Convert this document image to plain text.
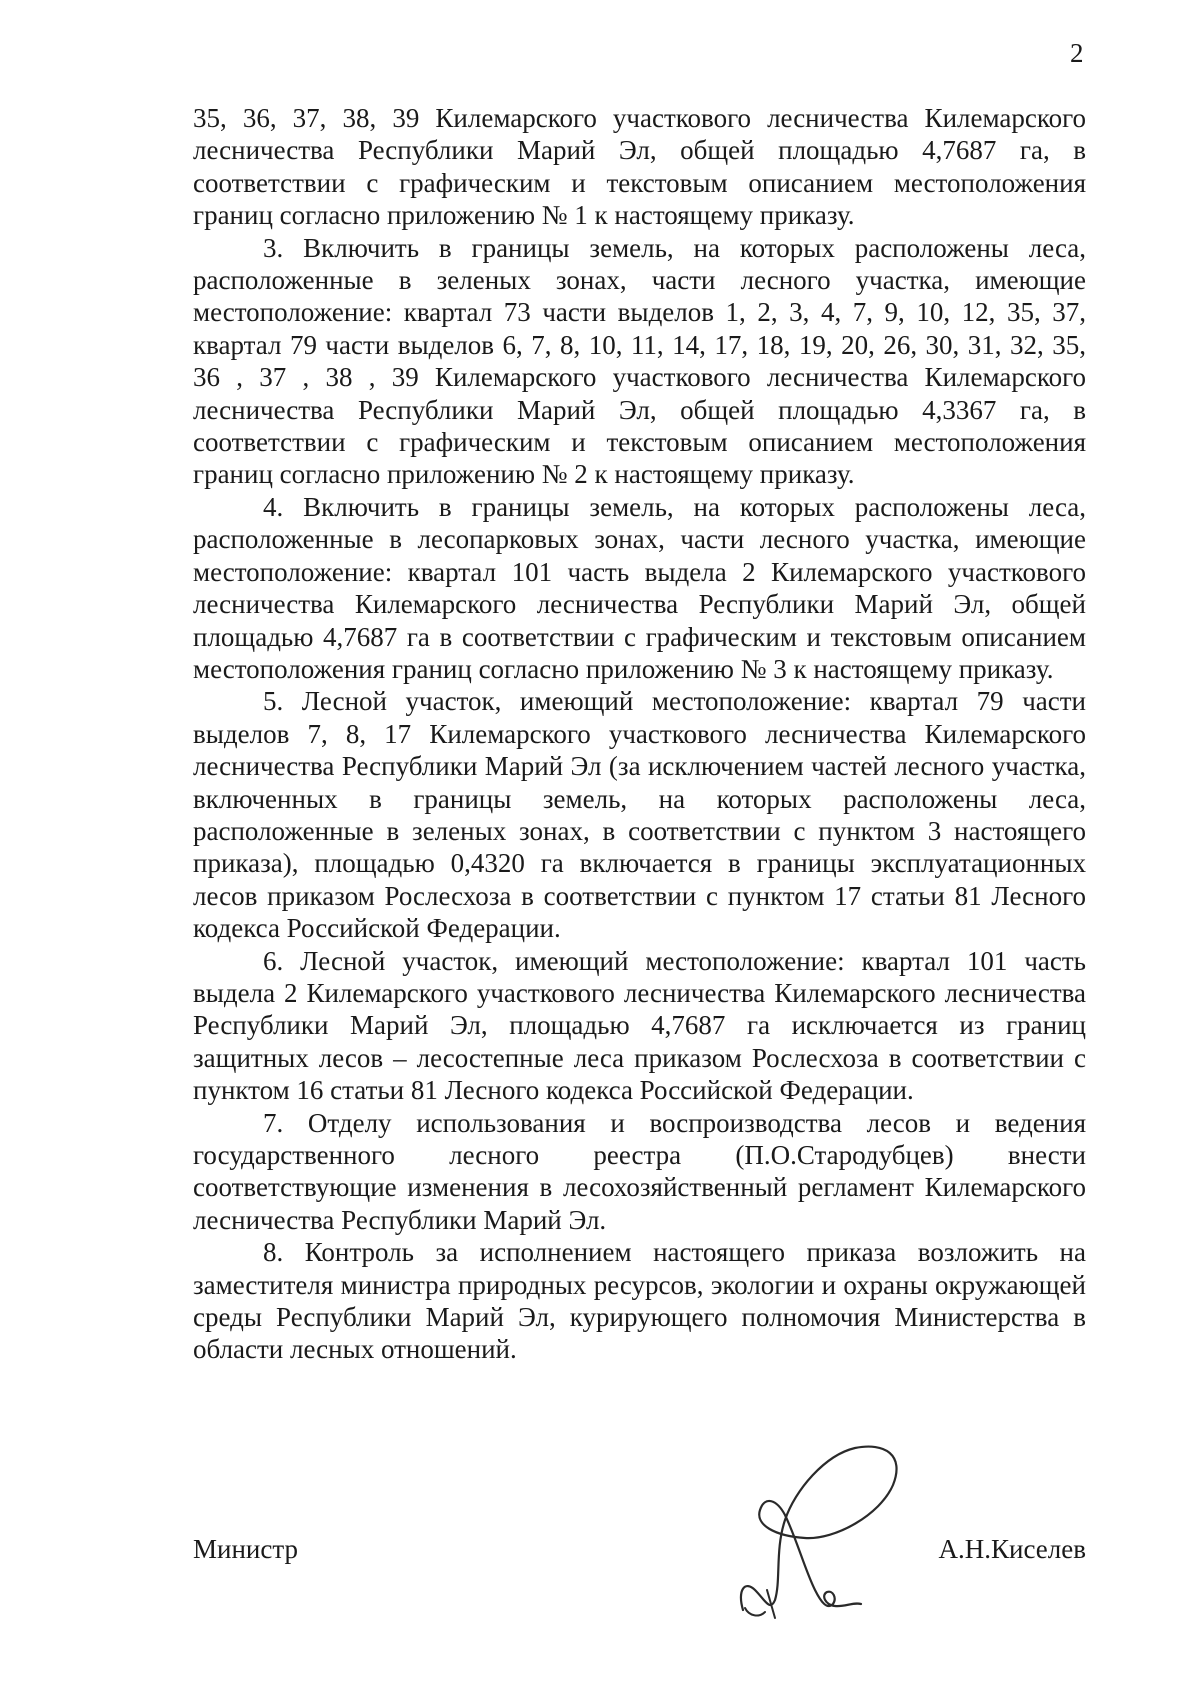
2

35, 36, 37, 38, 39 Килемарского участкового лесничества Килемарского лесничества Республики Марий Эл, общей площадью 4,7687 га, в соответствии с графическим и текстовым описанием местоположения границ согласно приложению № 1 к настоящему приказу.

3. Включить в границы земель, на которых расположены леса, расположенные в зеленых зонах, части лесного участка, имеющие местоположение: квартал 73 части выделов 1, 2, 3, 4, 7, 9, 10, 12, 35, 37, квартал 79 части выделов 6, 7, 8, 10, 11, 14, 17, 18, 19, 20, 26, 30, 31, 32, 35, 36 , 37 , 38 , 39 Килемарского участкового лесничества Килемарского лесничества Республики Марий Эл, общей площадью 4,3367 га, в соответствии с графическим и текстовым описанием местоположения границ согласно приложению № 2 к настоящему приказу.

4. Включить в границы земель, на которых расположены леса, расположенные в лесопарковых зонах, части лесного участка, имеющие местоположение: квартал 101 часть выдела 2 Килемарского участкового лесничества Килемарского лесничества Республики Марий Эл, общей площадью 4,7687 га в соответствии с графическим и текстовым описанием местоположения границ согласно приложению № 3 к настоящему приказу.

5. Лесной участок, имеющий местоположение: квартал 79 части выделов 7, 8, 17 Килемарского участкового лесничества Килемарского лесничества Республики Марий Эл (за исключением частей лесного участка, включенных в границы земель, на которых расположены леса, расположенные в зеленых зонах, в соответствии с пунктом 3 настоящего приказа), площадью 0,4320 га включается в границы эксплуатационных лесов приказом Рослесхоза в соответствии с пунктом 17 статьи 81 Лесного кодекса Российской Федерации.

6. Лесной участок, имеющий местоположение: квартал 101 часть выдела 2 Килемарского участкового лесничества Килемарского лесничества Республики Марий Эл, площадью 4,7687 га исключается из границ защитных лесов – лесостепные леса приказом Рослесхоза в соответствии с пунктом 16 статьи 81 Лесного кодекса Российской Федерации.

7. Отделу использования и воспроизводства лесов и ведения государственного лесного реестра (П.О.Стародубцев) внести соответствующие изменения в лесохозяйственный регламент Килемарского лесничества Республики Марий Эл.

8. Контроль за исполнением настоящего приказа возложить на заместителя министра природных ресурсов, экологии и охраны окружающей среды Республики Марий Эл, курирующего полномочия Министерства в области лесных отношений.

Министр	А.Н.Киселев
